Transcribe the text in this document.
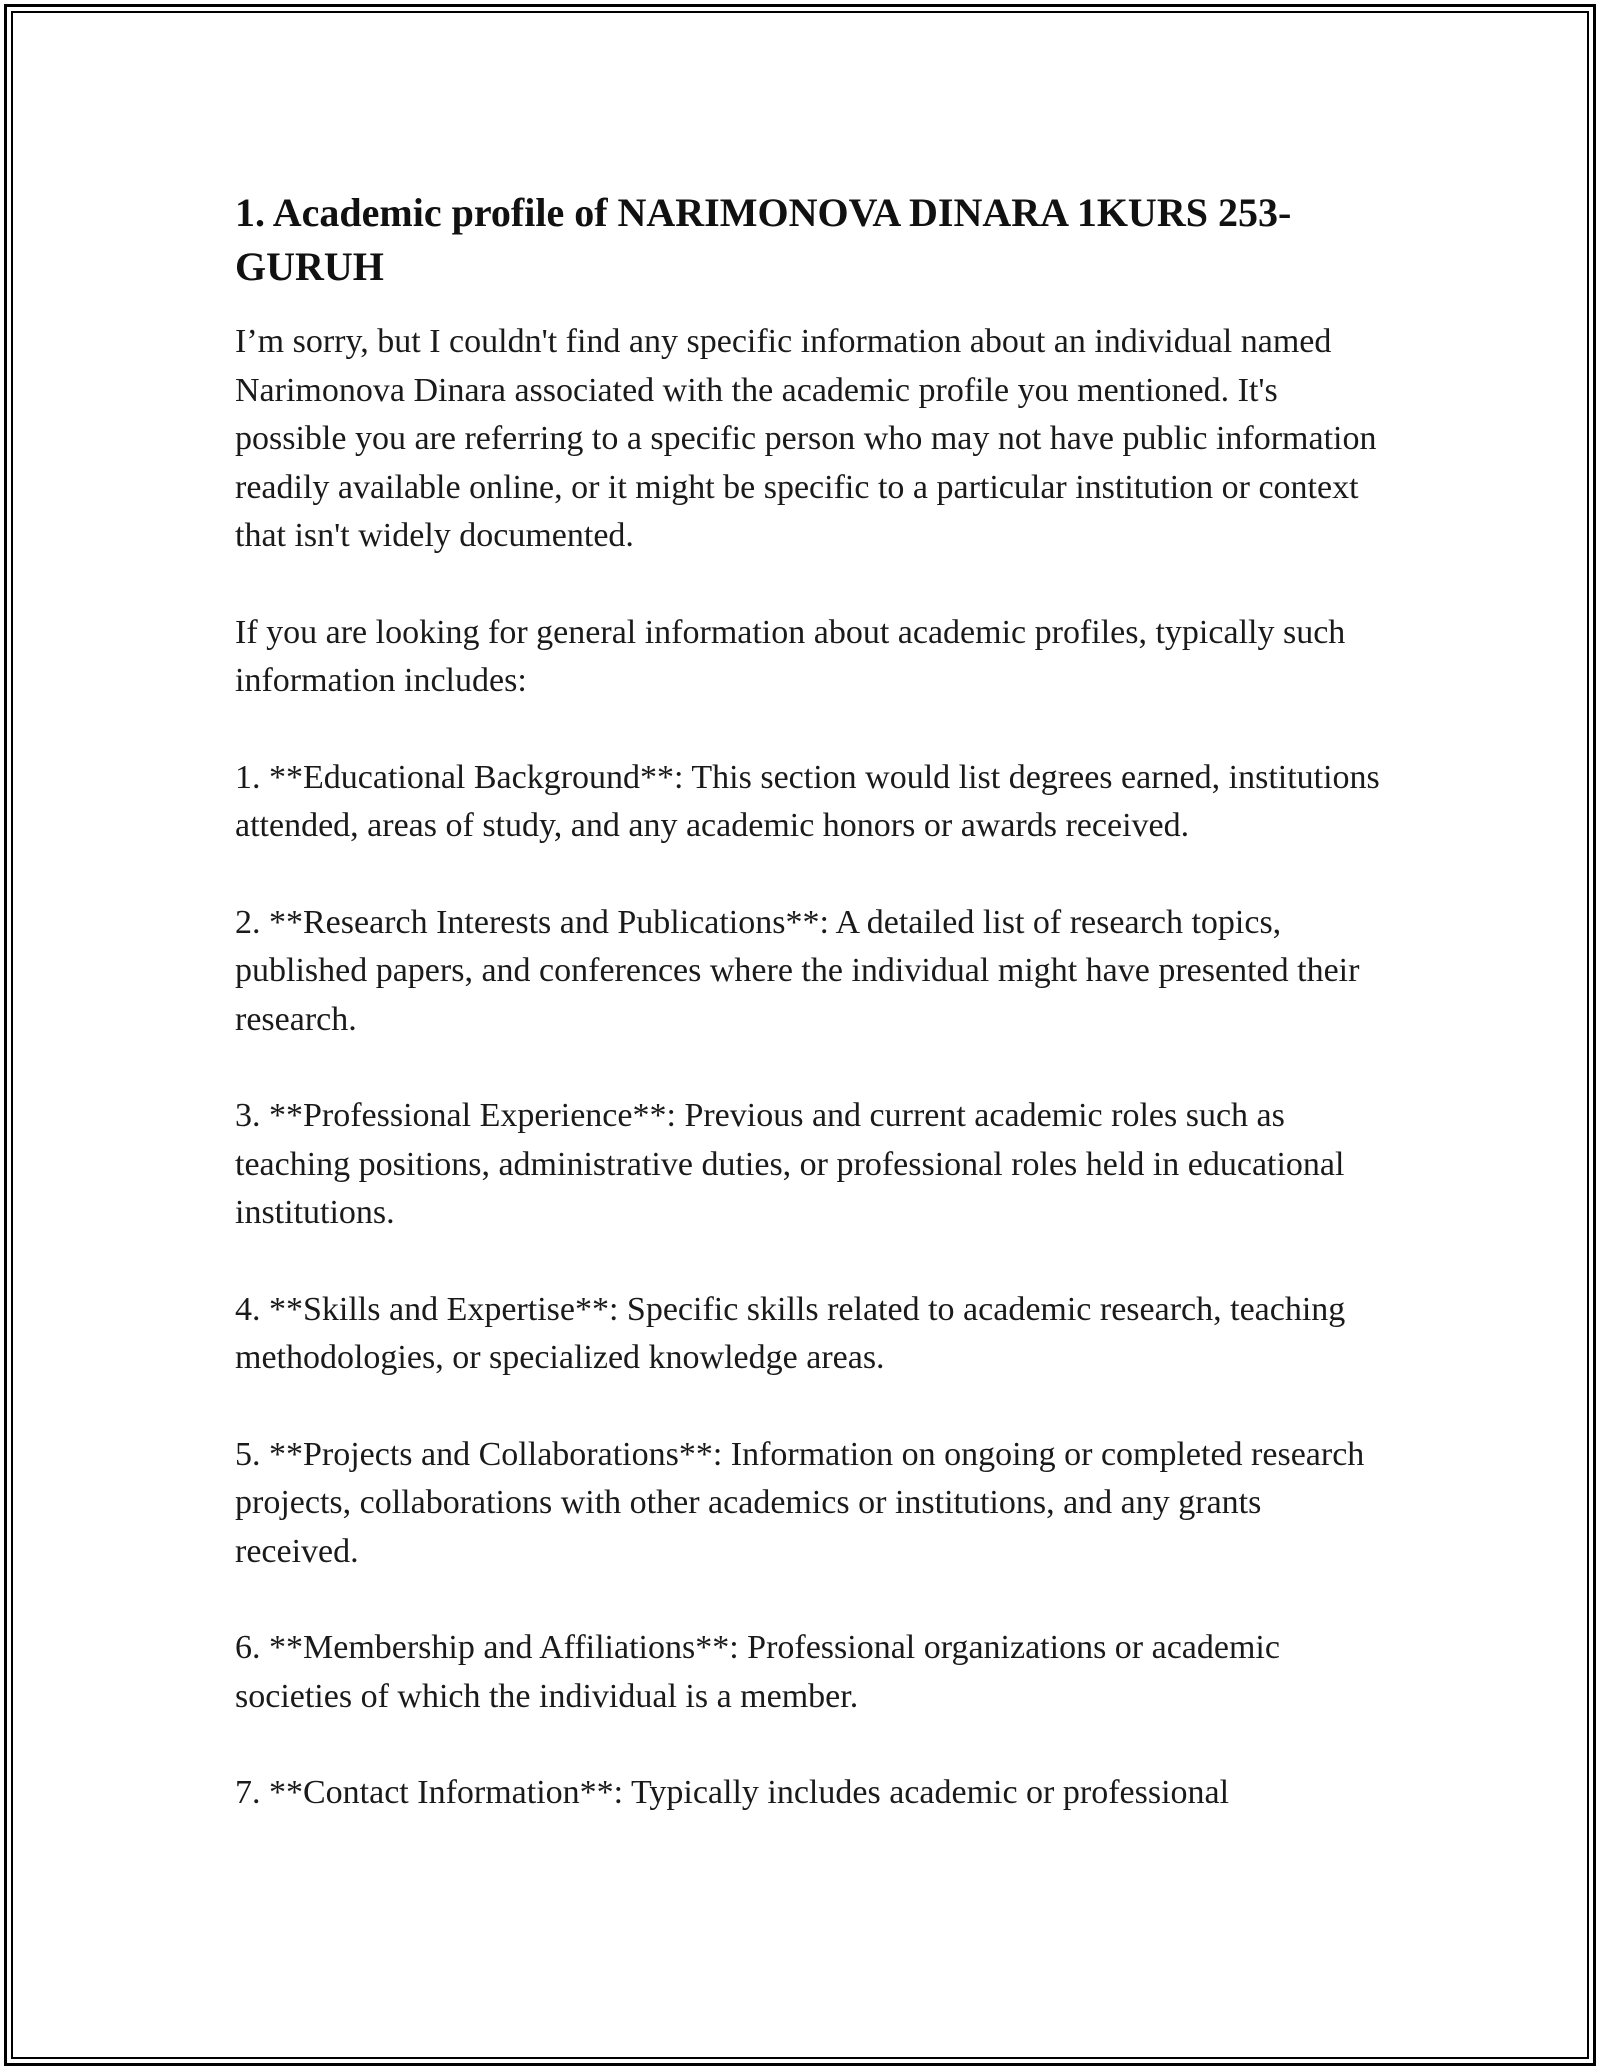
1. Academic profile of NARIMONOVA DINARA 1KURS 253-GURUH

I’m sorry, but I couldn't find any specific information about an individual named Narimonova Dinara associated with the academic profile you mentioned. It's possible you are referring to a specific person who may not have public information readily available online, or it might be specific to a particular institution or context that isn't widely documented.

If you are looking for general information about academic profiles, typically such information includes:

1. **Educational Background**: This section would list degrees earned, institutions attended, areas of study, and any academic honors or awards received.

2. **Research Interests and Publications**: A detailed list of research topics, published papers, and conferences where the individual might have presented their research.

3. **Professional Experience**: Previous and current academic roles such as teaching positions, administrative duties, or professional roles held in educational institutions.

4. **Skills and Expertise**: Specific skills related to academic research, teaching methodologies, or specialized knowledge areas.

5. **Projects and Collaborations**: Information on ongoing or completed research projects, collaborations with other academics or institutions, and any grants received.

6. **Membership and Affiliations**: Professional organizations or academic societies of which the individual is a member.

7. **Contact Information**: Typically includes academic or professional
